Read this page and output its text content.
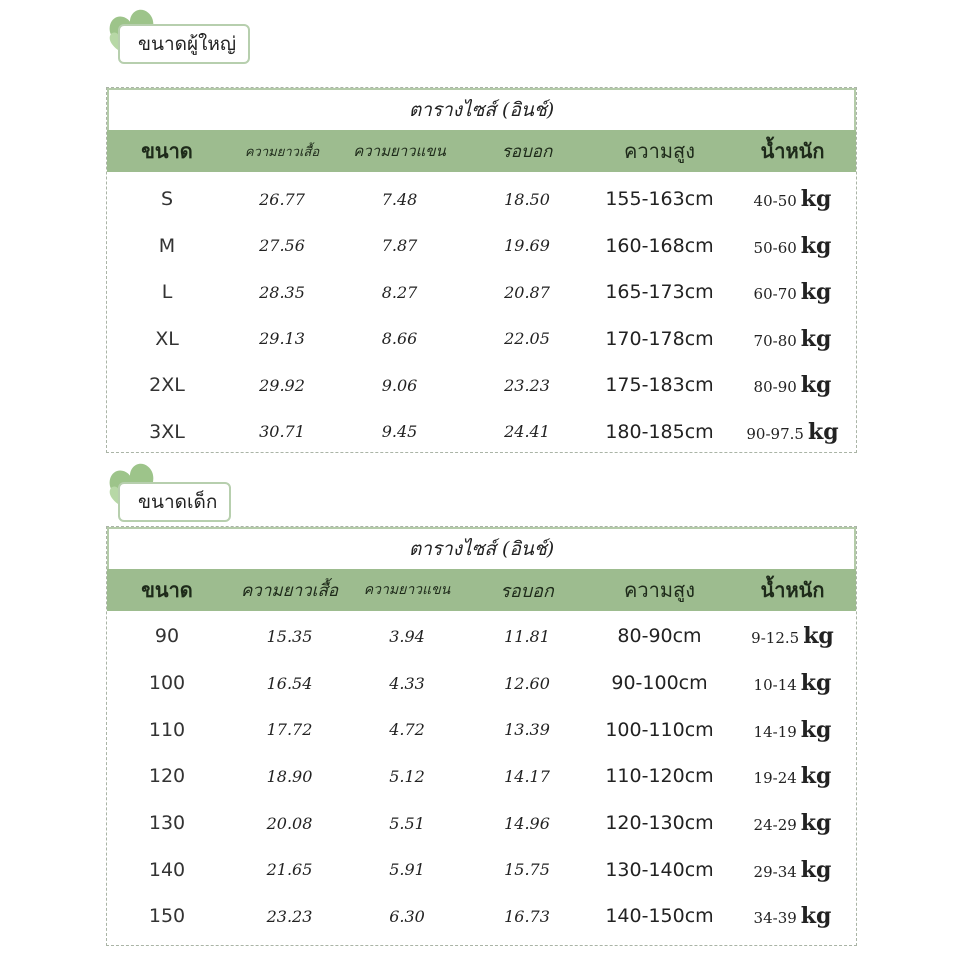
ขนาดผู้ใหญ่
ตารางไซส์ (อินช์)
ขนาด	ความยาวเสื้อ	ความยาวแขน	รอบอก	ความสูง	น้ำหนัก
S	26.77	7.48	18.50	155-163cm	40-50 kg
M	27.56	7.87	19.69	160-168cm	50-60 kg
L	28.35	8.27	20.87	165-173cm	60-70 kg
XL	29.13	8.66	22.05	170-178cm	70-80 kg
2XL	29.92	9.06	23.23	175-183cm	80-90 kg
3XL	30.71	9.45	24.41	180-185cm	90-97.5 kg
ขนาดเด็ก
ตารางไซส์ (อินช์)
ขนาด	ความยาวเสื้อ	ความยาวแขน	รอบอก	ความสูง	น้ำหนัก
90	15.35	3.94	11.81	80-90cm	9-12.5 kg
100	16.54	4.33	12.60	90-100cm	10-14 kg
110	17.72	4.72	13.39	100-110cm	14-19 kg
120	18.90	5.12	14.17	110-120cm	19-24 kg
130	20.08	5.51	14.96	120-130cm	24-29 kg
140	21.65	5.91	15.75	130-140cm	29-34 kg
150	23.23	6.30	16.73	140-150cm	34-39 kg
